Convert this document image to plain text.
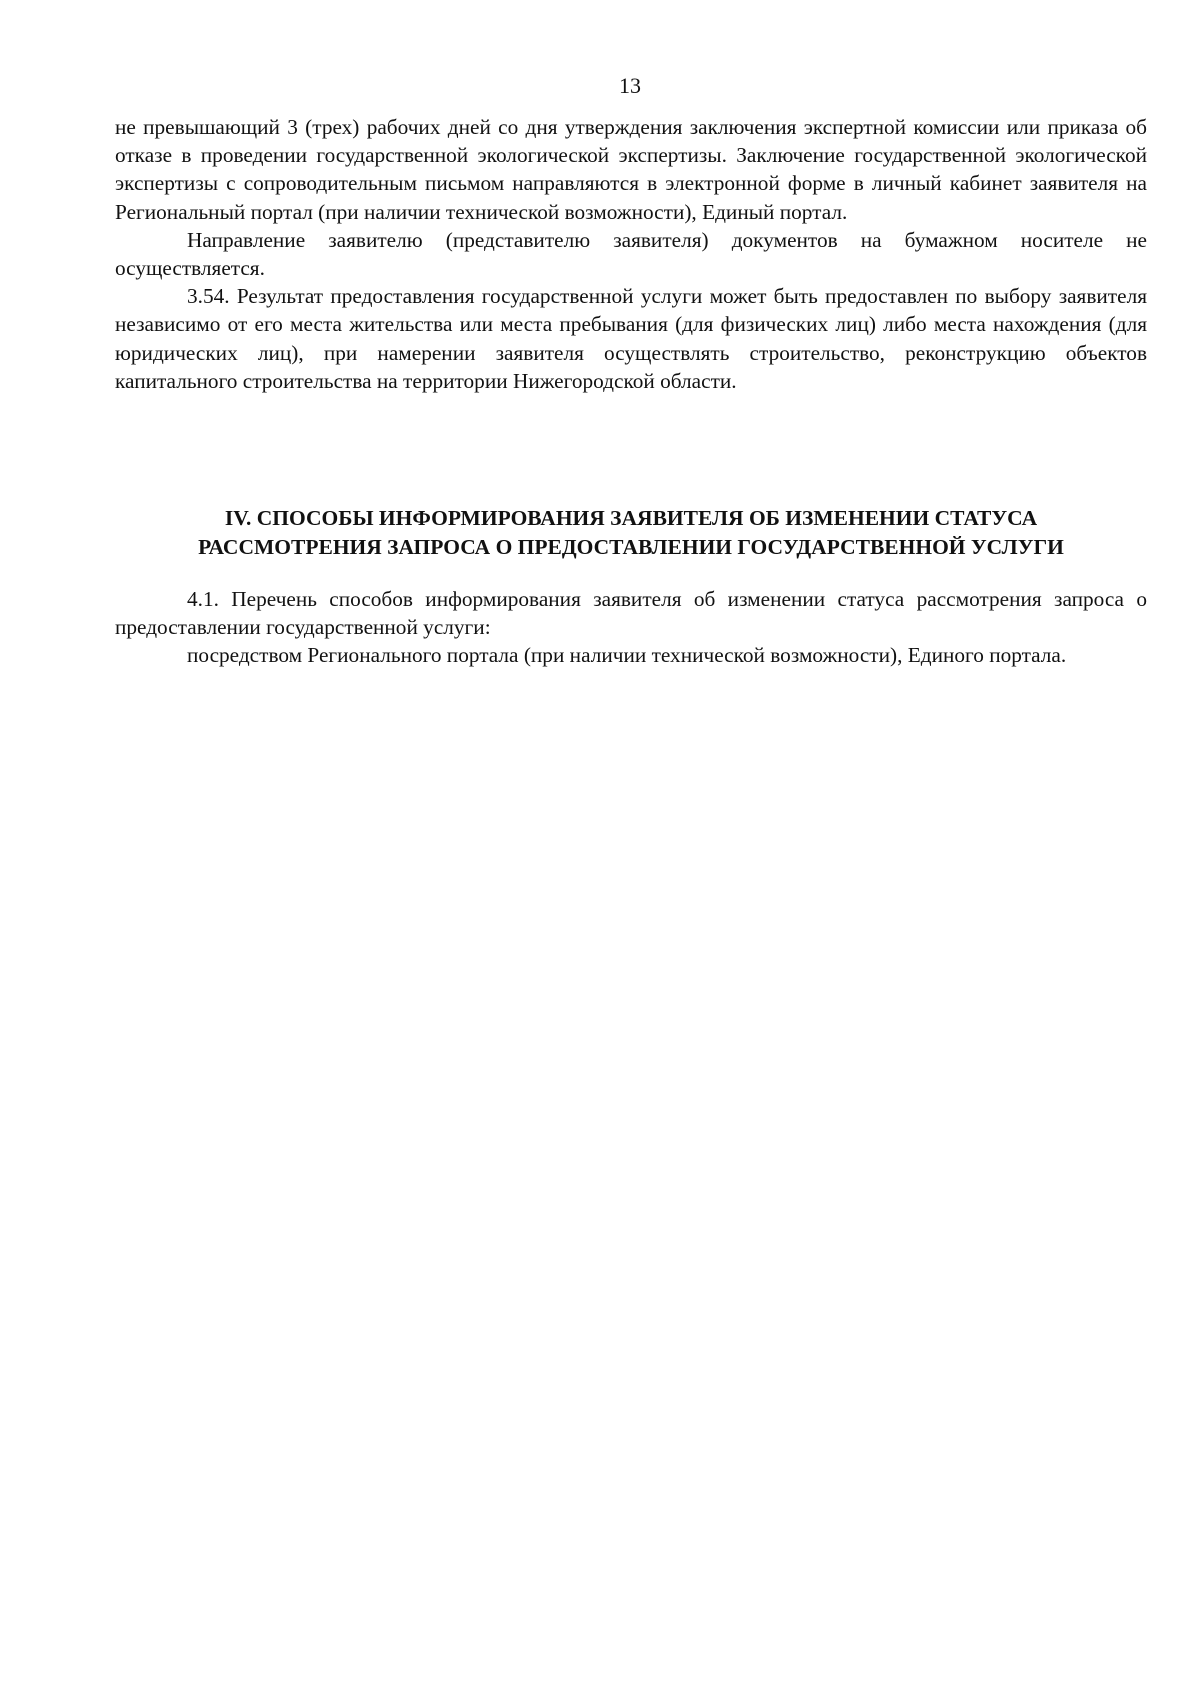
13

не превышающий 3 (трех) рабочих дней со дня утверждения заключения экспертной комиссии или приказа об отказе в проведении государственной экологической экспертизы. Заключение государственной экологической экспертизы с сопроводительным письмом направляются в электронной форме в личный кабинет заявителя на Региональный портал (при наличии технической возможности), Единый портал.

Направление заявителю (представителю заявителя) документов на бумажном носителе не осуществляется.

3.54. Результат предоставления государственной услуги может быть предоставлен по выбору заявителя независимо от его места жительства или места пребывания (для физических лиц) либо места нахождения (для юридических лиц), при намерении заявителя осуществлять строительство, реконструкцию объектов капитального строительства на территории Нижегородской области.

IV. СПОСОБЫ ИНФОРМИРОВАНИЯ ЗАЯВИТЕЛЯ ОБ ИЗМЕНЕНИИ СТАТУСА
РАССМОТРЕНИЯ ЗАПРОСА О ПРЕДОСТАВЛЕНИИ ГОСУДАРСТВЕННОЙ УСЛУГИ

4.1. Перечень способов информирования заявителя об изменении статуса рассмотрения запроса о предоставлении государственной услуги:

посредством Регионального портала (при наличии технической возможности), Единого портала.
